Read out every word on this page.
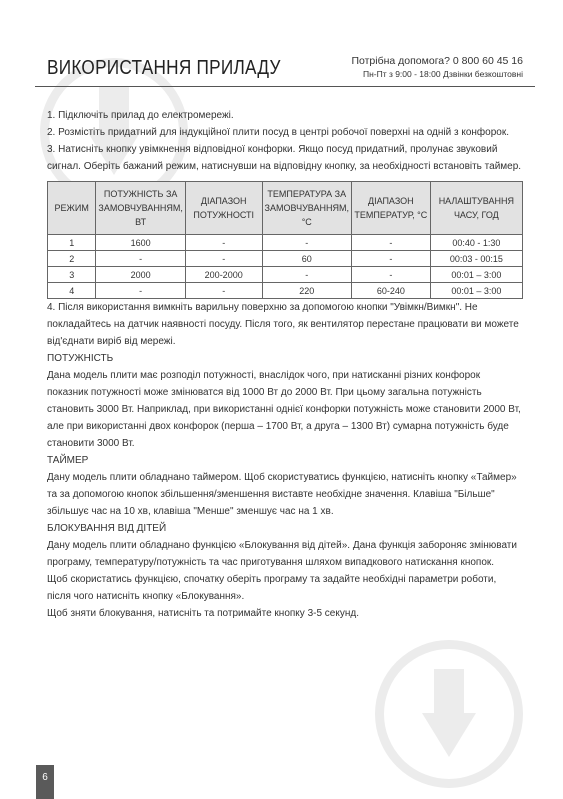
ВИКОРИСТАННЯ ПРИЛАДУ	Потрібна допомога? 0 800 60 45 16
Пн-Пт з 9:00 - 18:00 Дзвінки безкоштовні

1. Підключіть прилад до електромережі.

2. Розмістіть придатний для індукційної плити посуд в центрі робочої поверхні на одній з конфорок.

3. Натисніть кнопку увімкнення відповідної конфорки. Якщо посуд придатний, пролунає звуковий сигнал. Оберіть бажаний режим, натиснувши на відповідну кнопку, за необхідності встановіть таймер.

РЕЖИМ	ПОТУЖНІСТЬ ЗА ЗАМОВЧУВАННЯМ, ВТ	ДІАПАЗОН ПОТУЖНОСТІ	ТЕМПЕРАТУРА ЗА ЗАМОВЧУВАННЯМ, °С	ДІАПАЗОН ТЕМПЕРАТУР, °С	НАЛАШТУВАННЯ ЧАСУ, ГОД
1	1600	-	-	-	00:40 - 1:30
2	-	-	60	-	00:03 - 00:15
3	2000	200-2000	-	-	00:01 – 3:00
4	-	-	220	60-240	00:01 – 3:00

4. Після використання вимкніть варильну поверхню за допомогою кнопки "Увімкн/Вимкн". Не покладайтесь на датчик наявності посуду. Після того, як вентилятор перестане працювати ви можете від'єднати виріб від мережі.

ПОТУЖНІСТЬ

Дана модель плити має розподіл потужності, внаслідок чого, при натисканні різних конфорок показник потужності може змінюватся від 1000 Вт до 2000 Вт. При цьому загальна потужність становить 3000 Вт. Наприклад, при використанні однієї конфорки потужність може становити 2000 Вт, але при використанні двох конфорок (перша – 1700 Вт, а друга – 1300 Вт) сумарна потужність буде становити 3000 Вт.

ТАЙМЕР

Дану модель плити обладнано таймером. Щоб скористуватись функцією, натисніть кнопку «Таймер» та за допомогою кнопок збільшення/зменшення виставте необхідне значення. Клавіша "Більше" збільшує час на 10 хв, клавіша "Менше" зменшує час на 1 хв.

БЛОКУВАННЯ ВІД ДІТЕЙ

Дану модель плити обладнано функцією «Блокування від дітей». Дана функція забороняє змінювати програму, температуру/потужність та час приготування шляхом випадкового натискання кнопок.

Щоб скористатись функцією, спочатку оберіть програму та задайте необхідні параметри роботи, після чого натисніть кнопку «Блокування».

Щоб зняти блокування, натисніть та потримайте кнопку 3-5 секунд.

6
